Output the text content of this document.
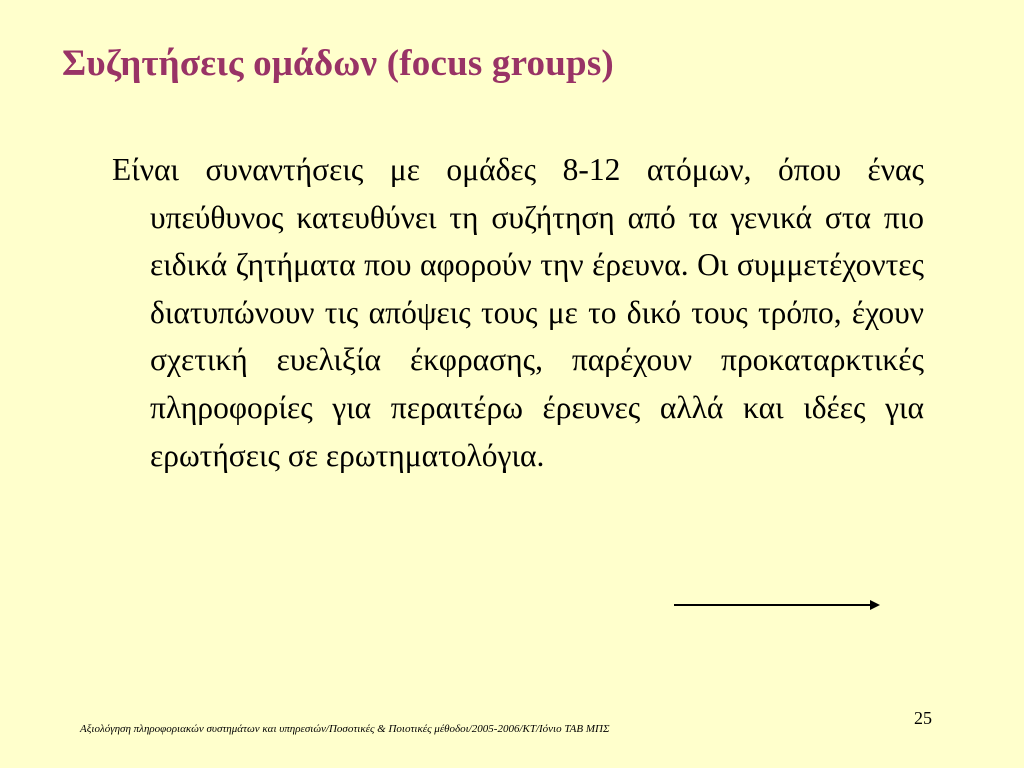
Συζητήσεις ομάδων (focus groups)

Είναι συναντήσεις με ομάδες 8-12 ατόμων, όπου ένας υπεύθυνος κατευθύνει τη συζήτηση από τα γενικά στα πιο ειδικά ζητήματα που αφορούν την έρευνα. Οι συμμετέχοντες διατυπώνουν τις απόψεις τους με το δικό τους τρόπο, έχουν σχετική ευελιξία έκφρασης, παρέχουν προκαταρκτικές πληροφορίες για περαιτέρω έρευνες αλλά και ιδέες για ερωτήσεις σε ερωτηματολόγια.

25
Αξιολόγηση πληροφοριακών συστημάτων και υπηρεσιών/Ποσοτικές & Ποιοτικές μέθοδοι/2005-2006/ΚΤ/Ιόνιο ΤΑΒ ΜΠΣ
